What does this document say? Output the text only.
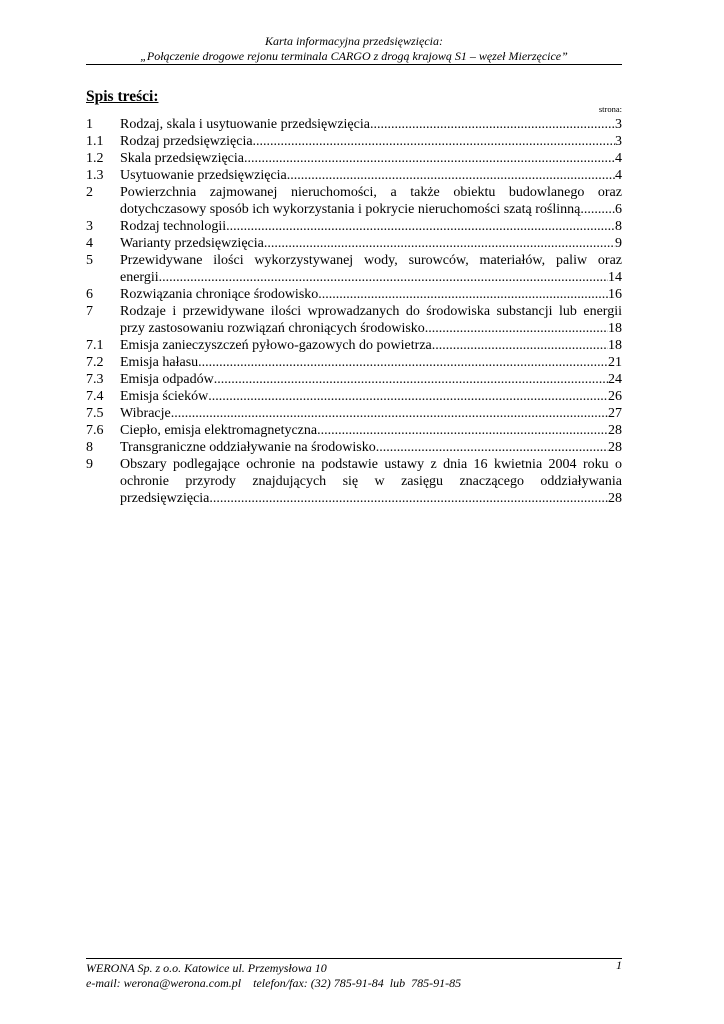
Karta informacyjna przedsięwzięcia:
„Połączenie drogowe rejonu terminala CARGO z drogą krajową S1 – węzeł Mierzęcice”
Spis treści:
strona:
1	Rodzaj, skala i usytuowanie przedsięwzięcia .....	3
1.1	Rodzaj przedsięwzięcia .....	3
1.2	Skala przedsięwzięcia .....	4
1.3	Usytuowanie przedsięwzięcia .....	4
2	Powierzchnia zajmowanej nieruchomości, a także obiektu budowlanego oraz
dotychczasowy sposób ich wykorzystania i pokrycie nieruchomości szatą roślinną ..... 6
3	Rodzaj technologii .....	8
4	Warianty przedsięwzięcia .....	9
5	Przewidywane ilości wykorzystywanej wody, surowców, materiałów, paliw oraz
energii .....	14
6	Rozwiązania chroniące środowisko .....	16
7	Rodzaje i przewidywane ilości wprowadzanych do środowiska substancji lub energii
przy zastosowaniu rozwiązań chroniących środowisko .....	18
7.1	Emisja zanieczyszczeń pyłowo-gazowych do powietrza .....	18
7.2	Emisja hałasu .....	21
7.3	Emisja odpadów .....	24
7.4	Emisja ścieków .....	26
7.5	Wibracje .....	27
7.6	Ciepło, emisja elektromagnetyczna .....	28
8	Transgraniczne oddziaływanie na środowisko .....	28
9	Obszary podlegające ochronie na podstawie ustawy z dnia 16 kwietnia 2004 roku o
ochronie przyrody znajdujących się w zasięgu znaczącego oddziaływania
przedsięwzięcia .....	28
WERONA Sp. z o.o. Katowice ul. Przemysłowa 10
e-mail: werona@werona.com.pl    telefon/fax: (32) 785-91-84  lub  785-91-85
1
